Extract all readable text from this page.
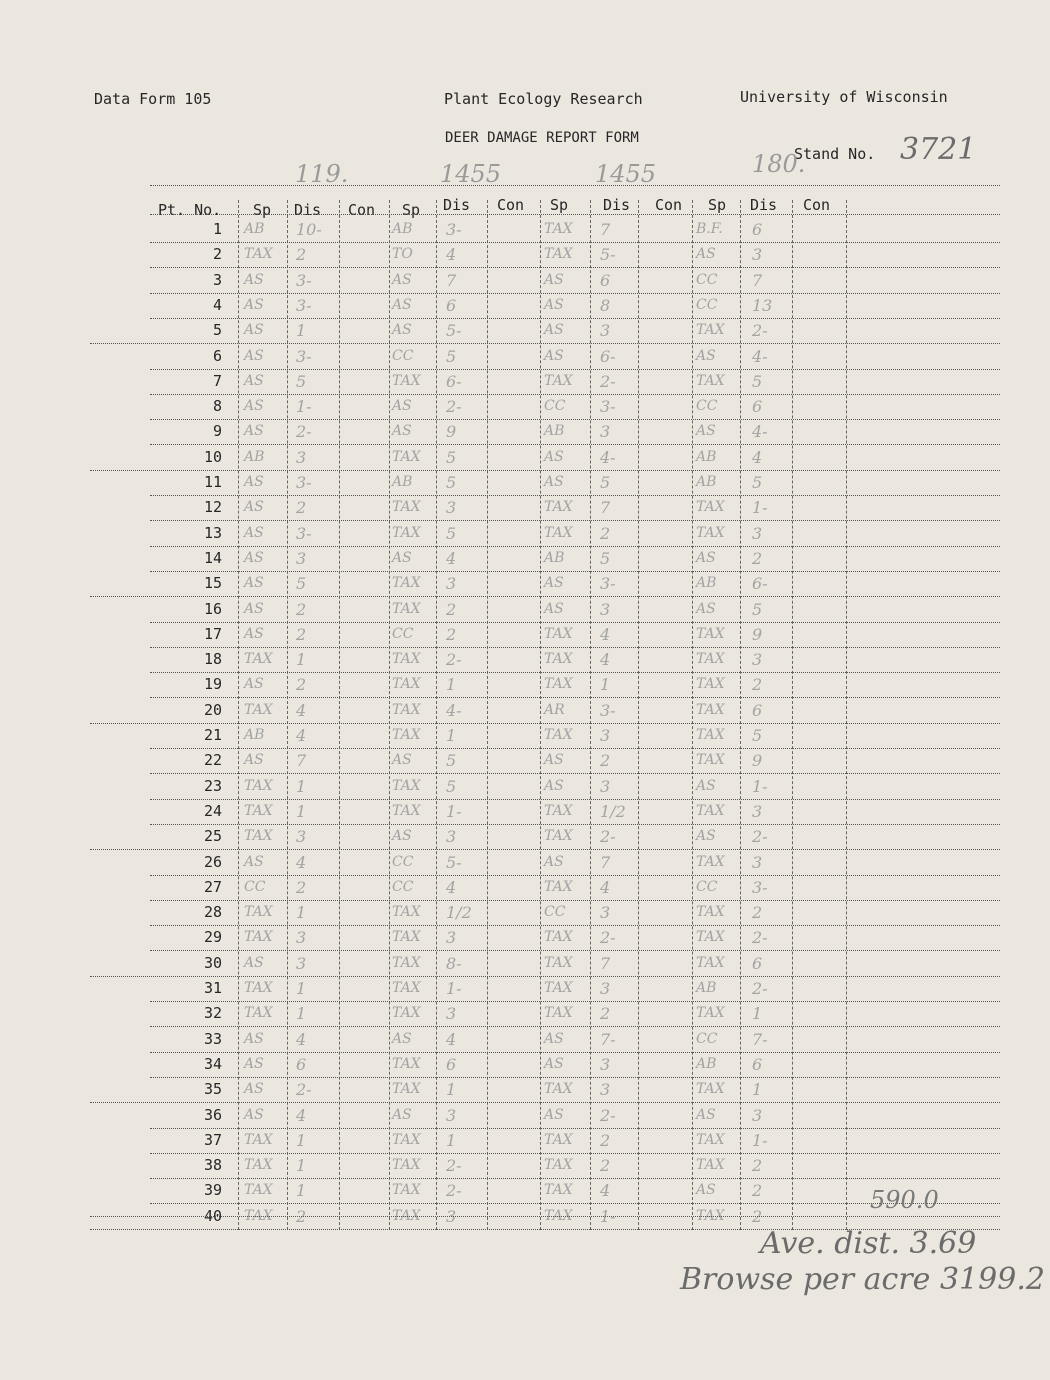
Data Form 105	Plant Ecology Research	University of Wisconsin
DEER DAMAGE REPORT FORM
Stand No. 3721
119.	1455	1455	180.
Pt. No. Sp Dis Con Sp Dis Con Sp Dis Con Sp Dis Con
1 AB 10-	AB 3-	TAX 7	B.F. 6
2 TAX 2	TO 4	TAX 5-	AS 3
3 AS 3-	AS 7	AS 6	CC 7
4 AS 3-	AS 6	AS 8	CC 13
5 AS 1	AS 5-	AS 3	TAX 2-
6 AS 3-	CC 5	AS 6-	AS 4-
7 AS 5	TAX 6-	TAX 2-	TAX 5
8 AS 1-	AS 2-	CC 3-	CC 6
9 AS 2-	AS 9	AB 3	AS 4-
10 AB 3	TAX 5	AS 4-	AB 4
11 AS 3-	AB 5	AS 5	AB 5
12 AS 2	TAX 3	TAX 7	TAX 1-
13 AS 3-	TAX 5	TAX 2	TAX 3
14 AS 3	AS 4	AB 5	AS 2
15 AS 5	TAX 3	AS 3-	AB 6-
16 AS 2	TAX 2	AS 3	AS 5
17 AS 2	CC 2	TAX 4	TAX 9
18 TAX 1	TAX 2-	TAX 4	TAX 3
19 AS 2	TAX 1	TAX 1	TAX 2
20 TAX 4	TAX 4-	AR 3-	TAX 6
21 AB 4	TAX 1	TAX 3	TAX 5
22 AS 7	AS 5	AS 2	TAX 9
23 TAX 1	TAX 5	AS 3	AS 1-
24 TAX 1	TAX 1-	TAX 1/2	TAX 3
25 TAX 3	AS 3	TAX 2-	AS 2-
26 AS 4	CC 5-	AS 7	TAX 3
27 CC 2	CC 4	TAX 4	CC 3-
28 TAX 1	TAX 1/2	CC 3	TAX 2
29 TAX 3	TAX 3	TAX 2-	TAX 2-
30 AS 3	TAX 8-	TAX 7	TAX 6
31 TAX 1	TAX 1-	TAX 3	AB 2-
32 TAX 1	TAX 3	TAX 2	TAX 1
33 AS 4	AS 4	AS 7-	CC 7-
34 AS 6	TAX 6	AS 3	AB 6
35 AS 2-	TAX 1	TAX 3	TAX 1
36 AS 4	AS 3	AS 2-	AS 3
37 TAX 1	TAX 1	TAX 2	TAX 1-
38 TAX 1	TAX 2-	TAX 2	TAX 2
39 TAX 1	TAX 2-	TAX 4	AS 2
40 TAX 2	TAX 3	TAX 1-	TAX 2
590.0
Ave. dist. 3.69
Browse per acre 3199.2
